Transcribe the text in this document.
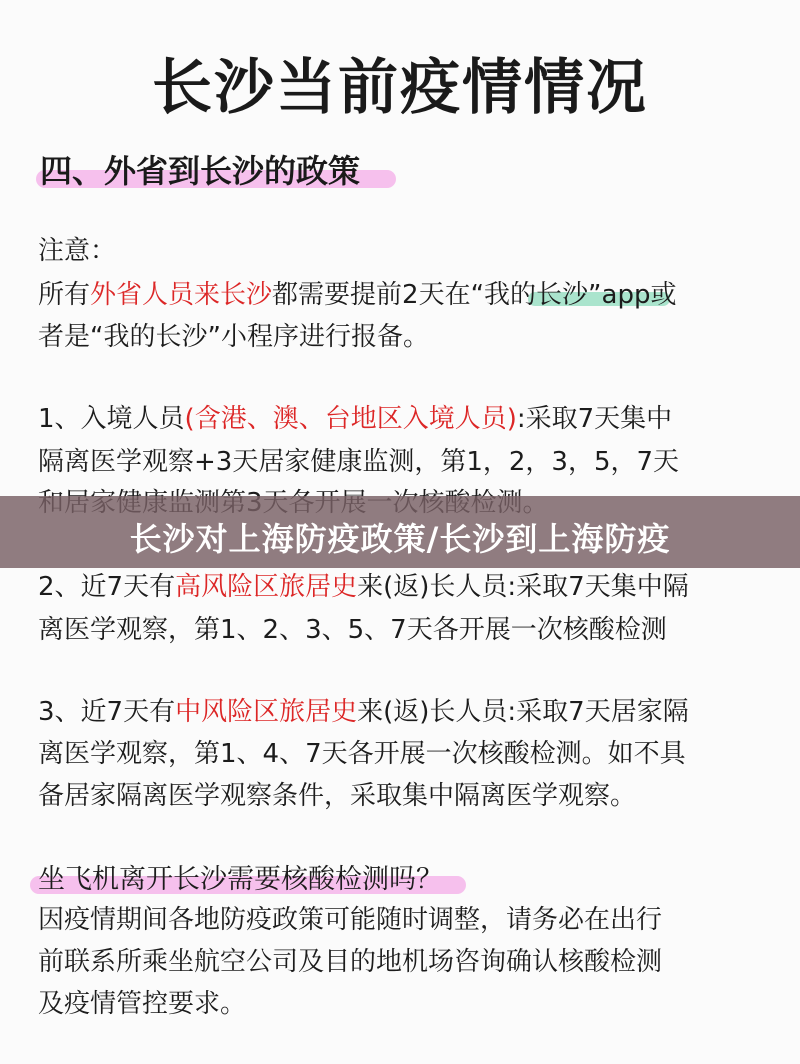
长沙当前疫情情况
四、外省到长沙的政策
注意：
所有外省人员来长沙都需要提前2天在“我的长沙”app或
者是“我的长沙”小程序进行报备。
1、入境人员(含港、澳、台地区入境人员):采取7天集中
隔离医学观察+3天居家健康监测，第1，2，3，5，7天
长沙对上海防疫政策/长沙到上海防疫
2、近7天有高风险区旅居史来(返)长人员:采取7天集中隔
离医学观察，第1、2、3、5、7天各开展一次核酸检测
3、近7天有中风险区旅居史来(返)长人员:采取7天居家隔
离医学观察，第1、4、7天各开展一次核酸检测。如不具
备居家隔离医学观察条件，采取集中隔离医学观察。
坐飞机离开长沙需要核酸检测吗？
因疫情期间各地防疫政策可能随时调整，请务必在出行
前联系所乘坐航空公司及目的地机场咨询确认核酸检测
及疫情管控要求。
